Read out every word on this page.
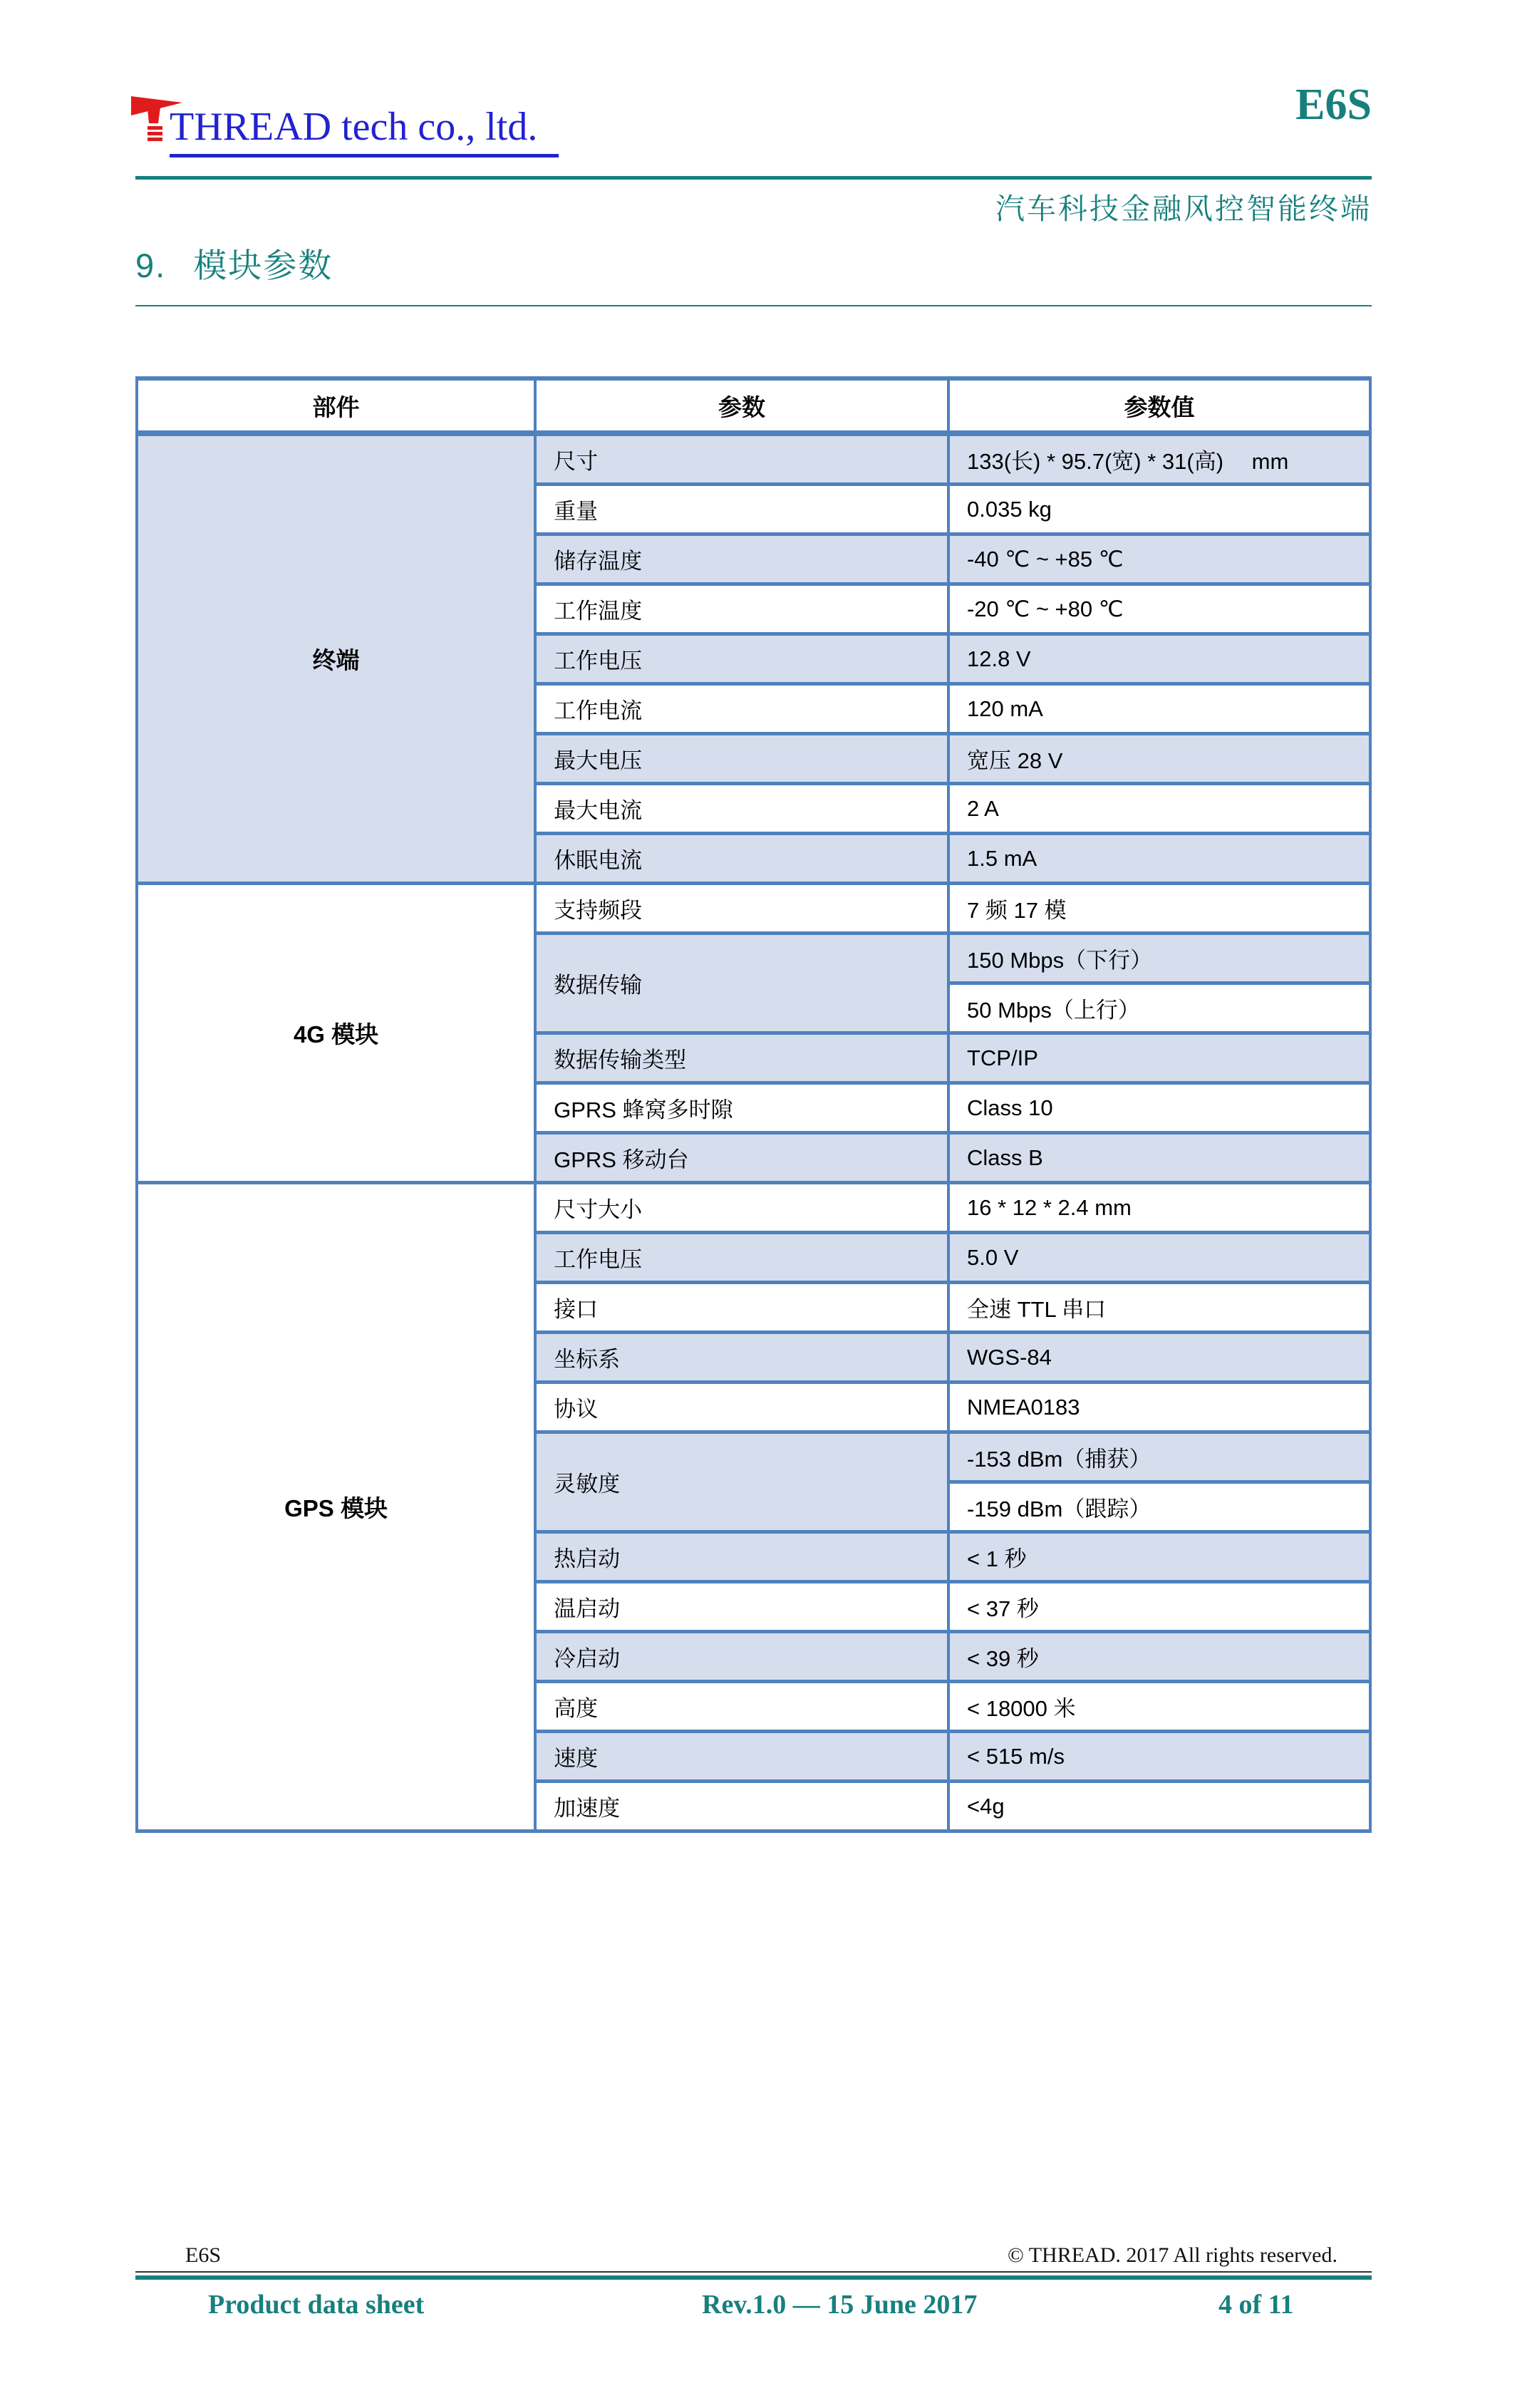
THREAD tech co., ltd.	E6S
汽车科技金融风控智能终端
9. 模块参数
部件	参数	参数值
终端	尺寸	133(长) * 95.7(宽) * 31(高)　 mm
	重量	0.035 kg
	储存温度	-40 ℃ ~ +85 ℃
	工作温度	-20 ℃ ~ +80 ℃
	工作电压	12.8 V
	工作电流	120 mA
	最大电压	宽压 28 V
	最大电流	2 A
	休眠电流	1.5 mA
4G 模块	支持频段	7 频 17 模
	数据传输	150 Mbps（下行）
		50 Mbps（上行）
	数据传输类型	TCP/IP
	GPRS 蜂窝多时隙	Class 10
	GPRS 移动台	Class B
GPS 模块	尺寸大小	16 * 12 * 2.4 mm
	工作电压	5.0 V
	接口	全速 TTL 串口
	坐标系	WGS-84
	协议	NMEA0183
	灵敏度	-153 dBm（捕获）
		-159 dBm（跟踪）
	热启动	< 1 秒
	温启动	< 37 秒
	冷启动	< 39 秒
	高度	< 18000 米
	速度	< 515 m/s
	加速度	<4g
E6S	© THREAD. 2017 All rights reserved.
Product data sheet	Rev.1.0 — 15 June 2017	4 of 11
